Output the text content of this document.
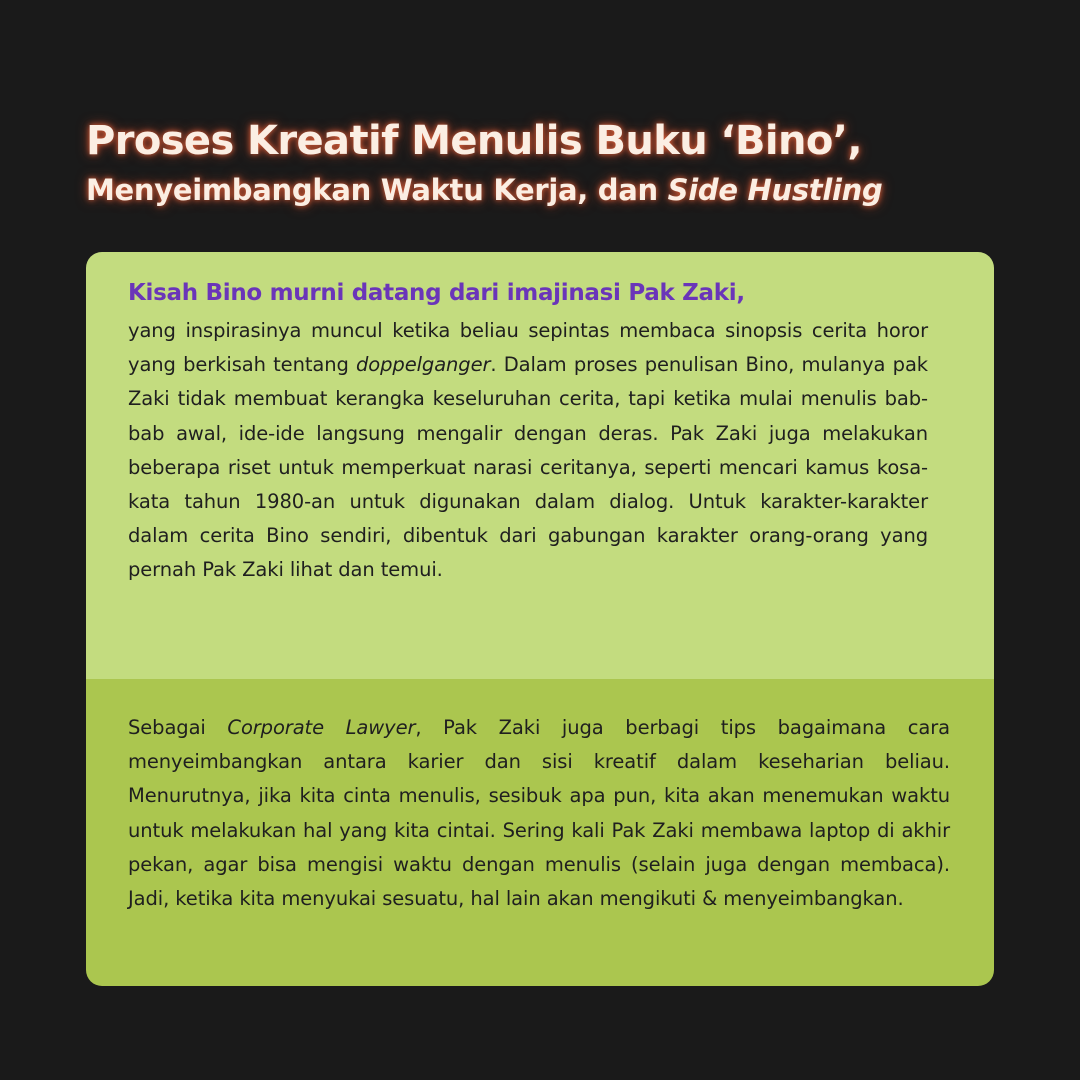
Proses Kreatif Menulis Buku ‘Bino’,
Menyeimbangkan Waktu Kerja, dan Side Hustling
Kisah Bino murni datang dari imajinasi Pak Zaki,
yang inspirasinya muncul ketika beliau sepintas membaca sinopsis cerita horor yang berkisah tentang doppelganger. Dalam proses penulisan Bino, mulanya pak Zaki tidak membuat kerangka keseluruhan cerita, tapi ketika mulai menulis bab-bab awal, ide-ide langsung mengalir dengan deras. Pak Zaki juga melakukan beberapa riset untuk memperkuat narasi ceritanya, seperti mencari kamus kosa-kata tahun 1980-an untuk digunakan dalam dialog. Untuk karakter-karakter dalam cerita Bino sendiri, dibentuk dari gabungan karakter orang-orang yang pernah Pak Zaki lihat dan temui.
Sebagai Corporate Lawyer, Pak Zaki juga berbagi tips bagaimana cara menyeimbangkan antara karier dan sisi kreatif dalam keseharian beliau. Menurutnya, jika kita cinta menulis, sesibuk apa pun, kita akan menemukan waktu untuk melakukan hal yang kita cintai. Sering kali Pak Zaki membawa laptop di akhir pekan, agar bisa mengisi waktu dengan menulis (selain juga dengan membaca). Jadi, ketika kita menyukai sesuatu, hal lain akan mengikuti & menyeimbangkan.
